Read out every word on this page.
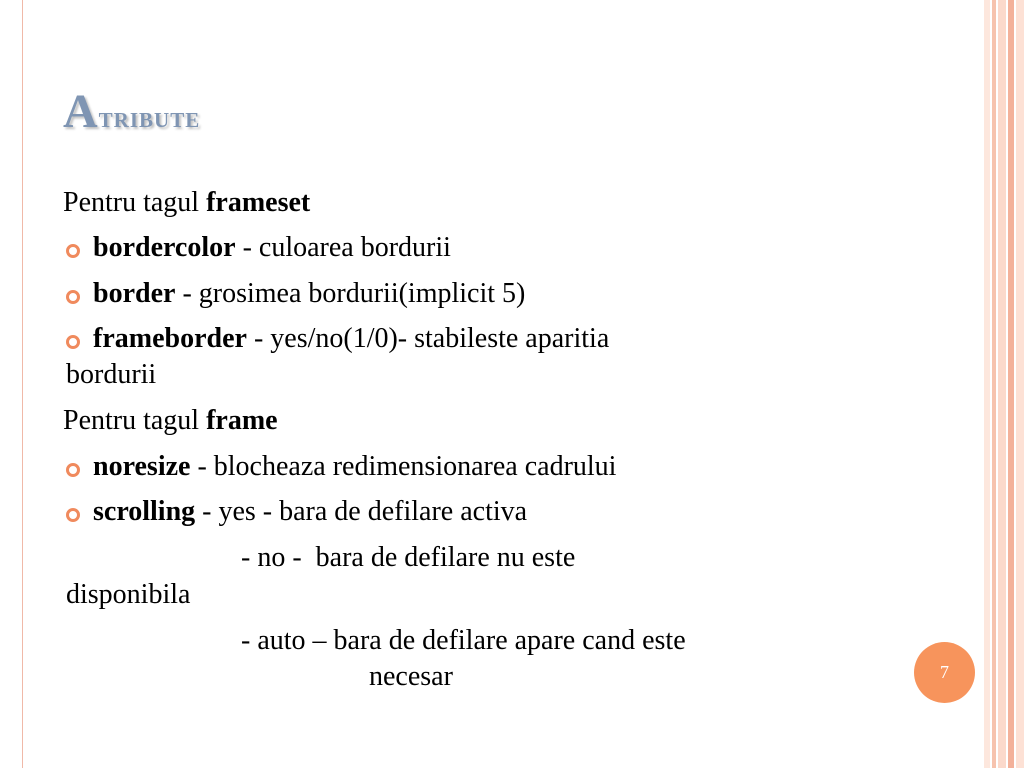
Atribute
Pentru tagul frameset
bordercolor - culoarea bordurii
border - grosimea bordurii(implicit 5)
frameborder - yes/no(1/0)- stabileste aparitia
bordurii
Pentru tagul frame
noresize - blocheaza redimensionarea cadrului
scrolling - yes - bara de defilare activa
- no -  bara de defilare nu este
disponibila
- auto – bara de defilare apare cand este
necesar	7
